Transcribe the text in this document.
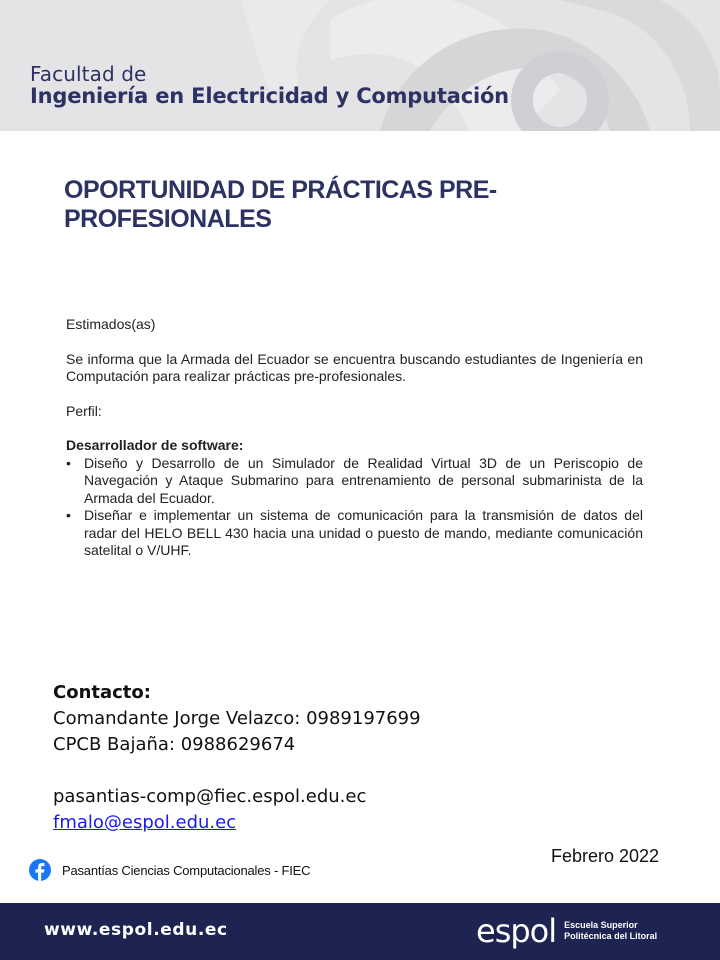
Facultad de
Ingeniería en Electricidad y Computación
OPORTUNIDAD DE PRÁCTICAS PRE-PROFESIONALES

Estimados(as)

Se informa que la Armada del Ecuador se encuentra buscando estudiantes de Ingeniería en Computación para realizar prácticas pre-profesionales.

Perfil:

Desarrollador de software:

• Diseño y Desarrollo de un Simulador de Realidad Virtual 3D de un Periscopio de Navegación y Ataque Submarino para entrenamiento de personal submarinista de la Armada del Ecuador.
• Diseñar e implementar un sistema de comunicación para la transmisión de datos del radar del HELO BELL 430 hacia una unidad o puesto de mando, mediante comunicación satelital o V/UHF.
Contacto:
Comandante Jorge Velazco: 0989197699
CPCB Bajaña: 0988629674
pasantias-comp@fiec.espol.edu.ec
fmalo@espol.edu.ec
Febrero 2022
Pasantías Ciencias Computacionales - FIEC
www.espol.edu.ec	espol Escuela Superior
Politécnica del Litoral
